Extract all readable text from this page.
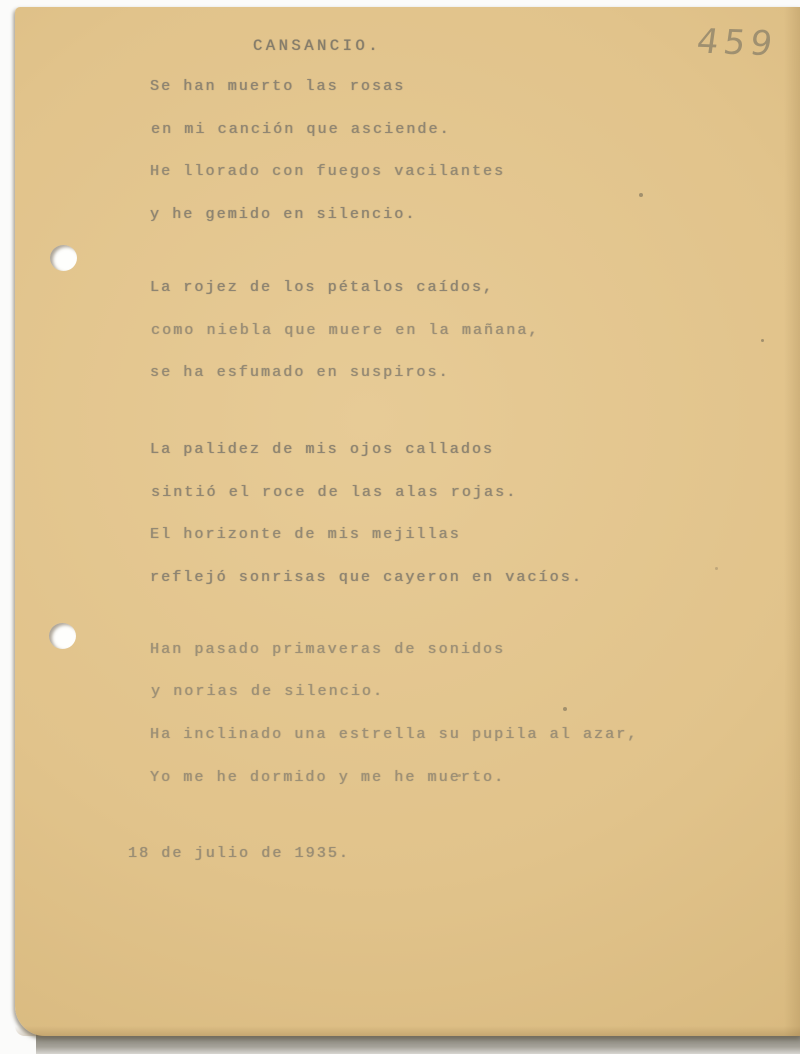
459
CANSANCIO.
Se han muerto las rosas
en mi canción que asciende.
He llorado con fuegos vacilantes
y he gemido en silencio.
La rojez de los pétalos caídos,
como niebla que muere en la mañana,
se ha esfumado en suspiros.
La palidez de mis ojos callados
sintió el roce de las alas rojas.
El horizonte de mis mejillas
reflejó sonrisas que cayeron en vacíos.
Han pasado primaveras de sonidos
y norias de silencio.
Ha inclinado una estrella su pupila al azar,
Yo me he dormido y me he muerto.
18 de julio de 1935.
